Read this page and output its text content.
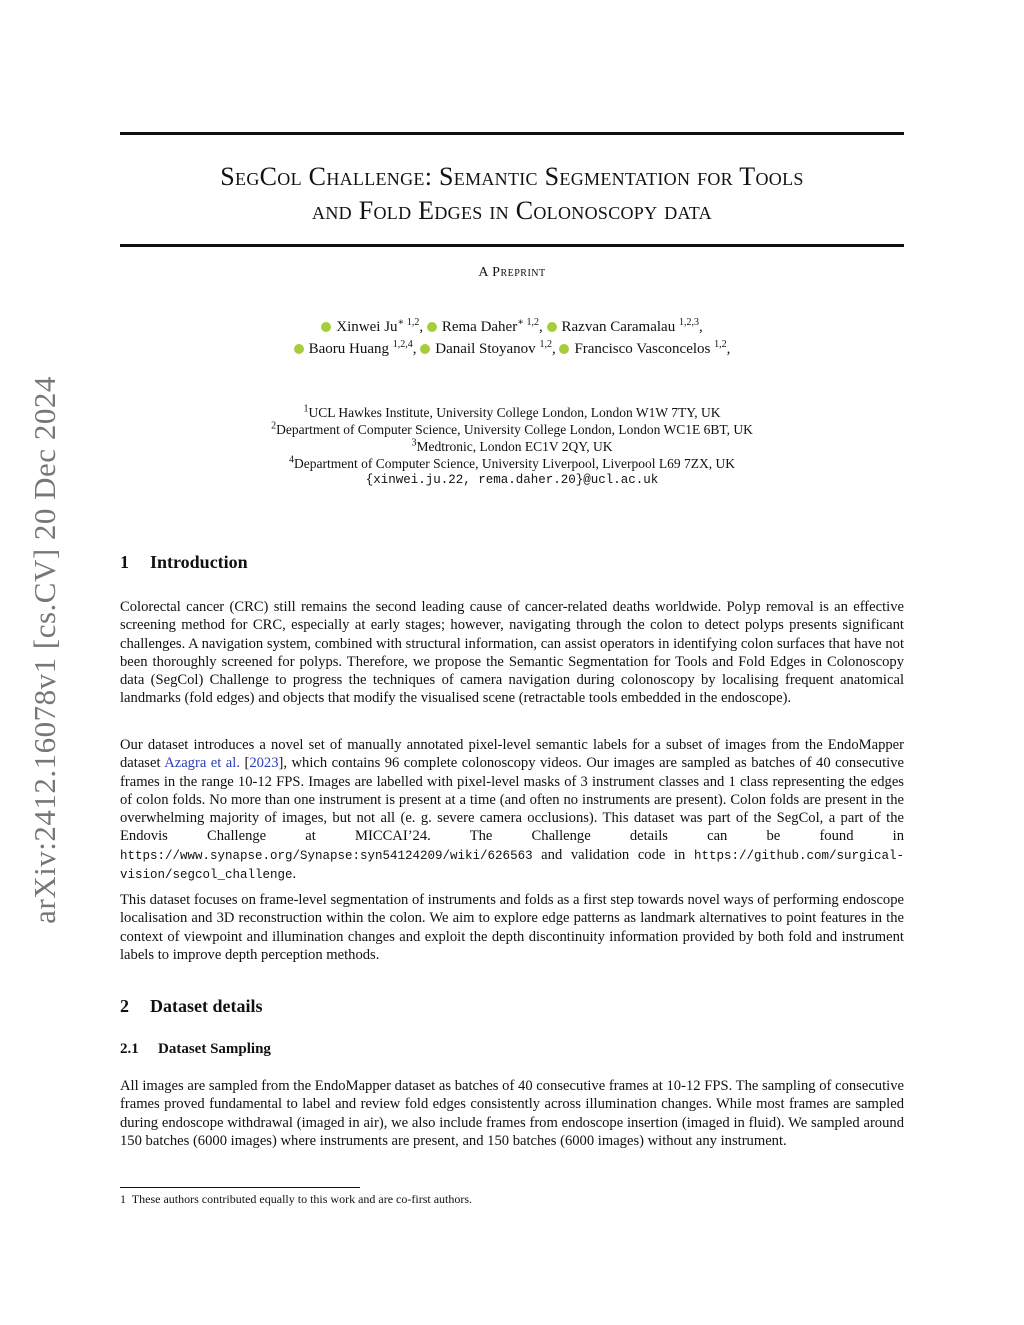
arXiv:2412.16078v1 [cs.CV] 20 Dec 2024
SegCol Challenge: Semantic Segmentation for Tools
and Fold Edges in Colonoscopy data
A Preprint
Xinwei $Ju^{∗ 1,2}$, Rema Daher$^{∗ 1,2}$, Razvan Caramalau $^{1,2,3}$,
Baoru Huang $^{1,2,4}$, Danail Stoyanov $^{1,2}$, Francisco Vasconcelos $^{1,2}$,
$^1$UCL Hawkes Institute, University College London, London W1W 7TY, UK
$^2$Department of Computer Science, University College London, London WC1E 6BT, UK
$^3$Medtronic, London EC1V 2QY, UK
$^4$Department of Computer Science, University Liverpool, Liverpool L69 7ZX, UK
{xinwei.ju.22, rema.daher.20}@ucl.ac.uk
1 Introduction
Colorectal cancer (CRC) still remains the second leading cause of cancer-related deaths worldwide. Polyp removal is an effective screening method for CRC, especially at early stages; however, navigating through the colon to detect polyps presents significant challenges. A navigation system, combined with structural information, can assist operators in identifying colon surfaces that have not been thoroughly screened for polyps. Therefore, we propose the Semantic Segmentation for Tools and Fold Edges in Colonoscopy data (SegCol) Challenge to progress the techniques of camera navigation during colonoscopy by localising frequent anatomical landmarks (fold edges) and objects that modify the visualised scene (retractable tools embedded in the endoscope).
Our dataset introduces a novel set of manually annotated pixel-level semantic labels for a subset of images from the EndoMapper dataset Azagra et al. [2023], which contains 96 complete colonoscopy videos. Our images are sampled as batches of 40 consecutive frames in the range 10-12 FPS. Images are labelled with pixel-level masks of 3 instrument classes and 1 class representing the edges of colon folds. No more than one instrument is present at a time (and often no instruments are present). Colon folds are present in the overwhelming majority of images, but not all (e. g. severe camera occlusions). This dataset was part of the SegCol, a part of the Endovis Challenge at MICCAI’24. The Challenge details can be found in https://www.synapse.org/Synapse:syn54124209/wiki/626563 and validation code in https://github.com/surgical-vision/segcol_challenge.
This dataset focuses on frame-level segmentation of instruments and folds as a first step towards novel ways of performing endoscope localisation and 3D reconstruction within the colon. We aim to explore edge patterns as landmark alternatives to point features in the context of viewpoint and illumination changes and exploit the depth discontinuity information provided by both fold and instrument labels to improve depth perception methods.
2 Dataset details
2.1 Dataset Sampling
All images are sampled from the EndoMapper dataset as batches of 40 consecutive frames at 10-12 FPS. The sampling of consecutive frames proved fundamental to label and review fold edges consistently across illumination changes. While most frames are sampled during endoscope withdrawal (imaged in air), we also include frames from endoscope insertion (imaged in fluid). We sampled around 150 batches (6000 images) where instruments are present, and 150 batches (6000 images) without any instrument.
1 These authors contributed equally to this work and are co-first authors.
